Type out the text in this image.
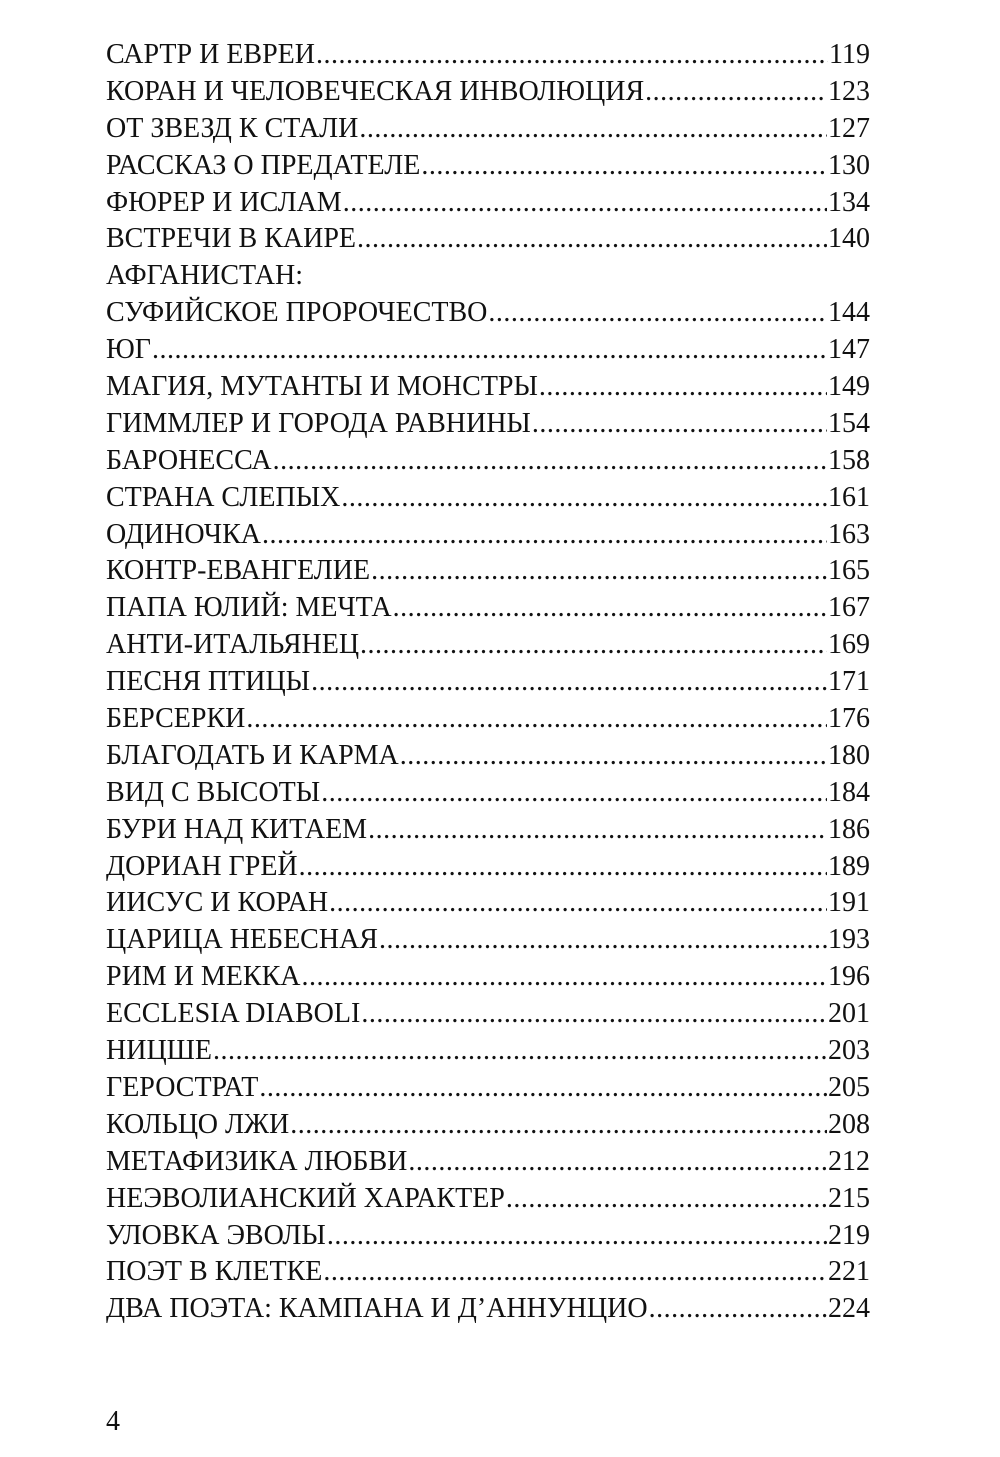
САРТР И ЕВРЕИ .....	119
КОРАН И ЧЕЛОВЕЧЕСКАЯ ИНВОЛЮЦИЯ .....	123
ОТ ЗВЕЗД К СТАЛИ .....	127
РАССКАЗ О ПРЕДАТЕЛЕ .....	130
ФЮРЕР И ИСЛАМ .....	134
ВСТРЕЧИ В КАИРЕ .....	140
АФГАНИСТАН:
СУФИЙСКОЕ ПРОРОЧЕСТВО .....	144
ЮГ .....	147
МАГИЯ, МУТАНТЫ И МОНСТРЫ .....	149
ГИММЛЕР И ГОРОДА РАВНИНЫ .....	154
БАРОНЕССА .....	158
СТРАНА СЛЕПЫХ .....	161
ОДИНОЧКА .....	163
КОНТР-ЕВАНГЕЛИЕ .....	165
ПАПА ЮЛИЙ: МЕЧТА .....	167
АНТИ-ИТАЛЬЯНЕЦ .....	169
ПЕСНЯ ПТИЦЫ .....	171
БЕРСЕРКИ .....	176
БЛАГОДАТЬ И КАРМА .....	180
ВИД С ВЫСОТЫ .....	184
БУРИ НАД КИТАЕМ .....	186
ДОРИАН ГРЕЙ .....	189
ИИСУС И КОРАН .....	191
ЦАРИЦА НЕБЕСНАЯ .....	193
РИМ И МЕККА .....	196
ECCLESIA DIABOLI .....	201
НИЦШЕ .....	203
ГЕРОСТРАТ .....	205
КОЛЬЦО ЛЖИ .....	208
МЕТАФИЗИКА ЛЮБВИ .....	212
НЕЭВОЛИАНСКИЙ ХАРАКТЕР .....	215
УЛОВКА ЭВОЛЫ .....	219
ПОЭТ В КЛЕТКЕ .....	221
ДВА ПОЭТА: КАМПАНА И Д’АННУНЦИО .....	224
4
